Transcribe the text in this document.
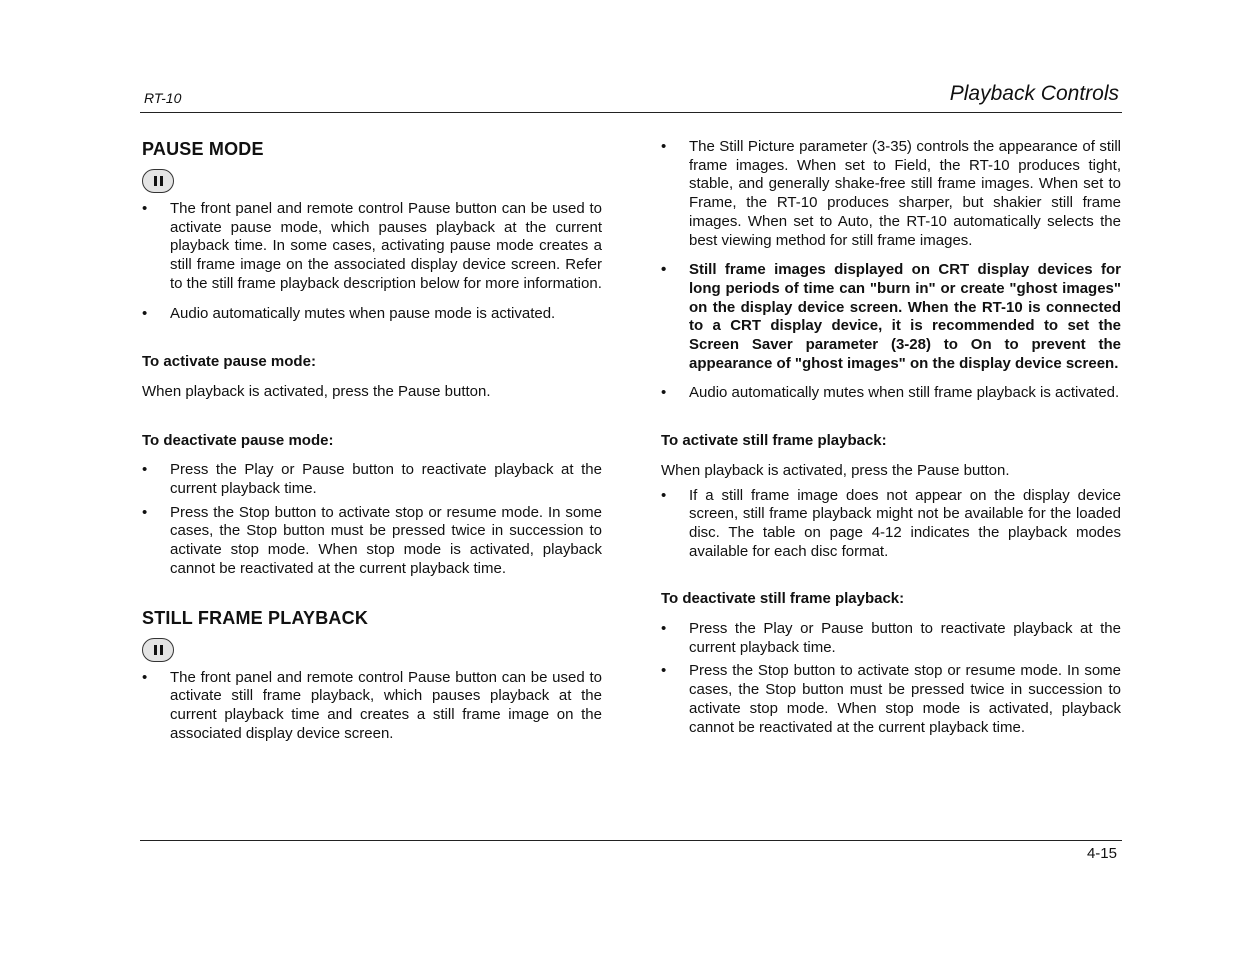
RT-10	Playback Controls
PAUSE MODE
• The front panel and remote control Pause button can be used to activate pause mode, which pauses playback at the current playback time. In some cases, activating pause mode creates a still frame image on the associated display device screen. Refer to the still frame playback description below for more information.
• Audio automatically mutes when pause mode is activated.

To activate pause mode:

When playback is activated, press the Pause button.

To deactivate pause mode:

• Press the Play or Pause button to reactivate playback at the current playback time.
• Press the Stop button to activate stop or resume mode. In some cases, the Stop button must be pressed twice in succession to activate stop mode. When stop mode is activated, playback cannot be reactivated at the current playback time.
STILL FRAME PLAYBACK
• The front panel and remote control Pause button can be used to activate still frame playback, which pauses playback at the current playback time and creates a still frame image on the associated display device screen.
• The Still Picture parameter (3-35) controls the appearance of still frame images. When set to Field, the RT-10 produces tight, stable, and generally shake-free still frame images. When set to Frame, the RT-10 produces sharper, but shakier still frame images. When set to Auto, the RT-10 automatically selects the best viewing method for still frame images.
• Still frame images displayed on CRT display devices for long periods of time can "burn in" or create "ghost images" on the display device screen. When the RT-10 is connected to a CRT display device, it is recommended to set the Screen Saver parameter (3-28) to On to prevent the appearance of "ghost images" on the display device screen.
• Audio automatically mutes when still frame playback is activated.

To activate still frame playback:

When playback is activated, press the Pause button.

• If a still frame image does not appear on the display device screen, still frame playback might not be available for the loaded disc. The table on page 4-12 indicates the playback modes available for each disc format.

To deactivate still frame playback:

• Press the Play or Pause button to reactivate playback at the current playback time.
• Press the Stop button to activate stop or resume mode. In some cases, the Stop button must be pressed twice in succession to activate stop mode. When stop mode is activated, playback cannot be reactivated at the current playback time.
4-15
